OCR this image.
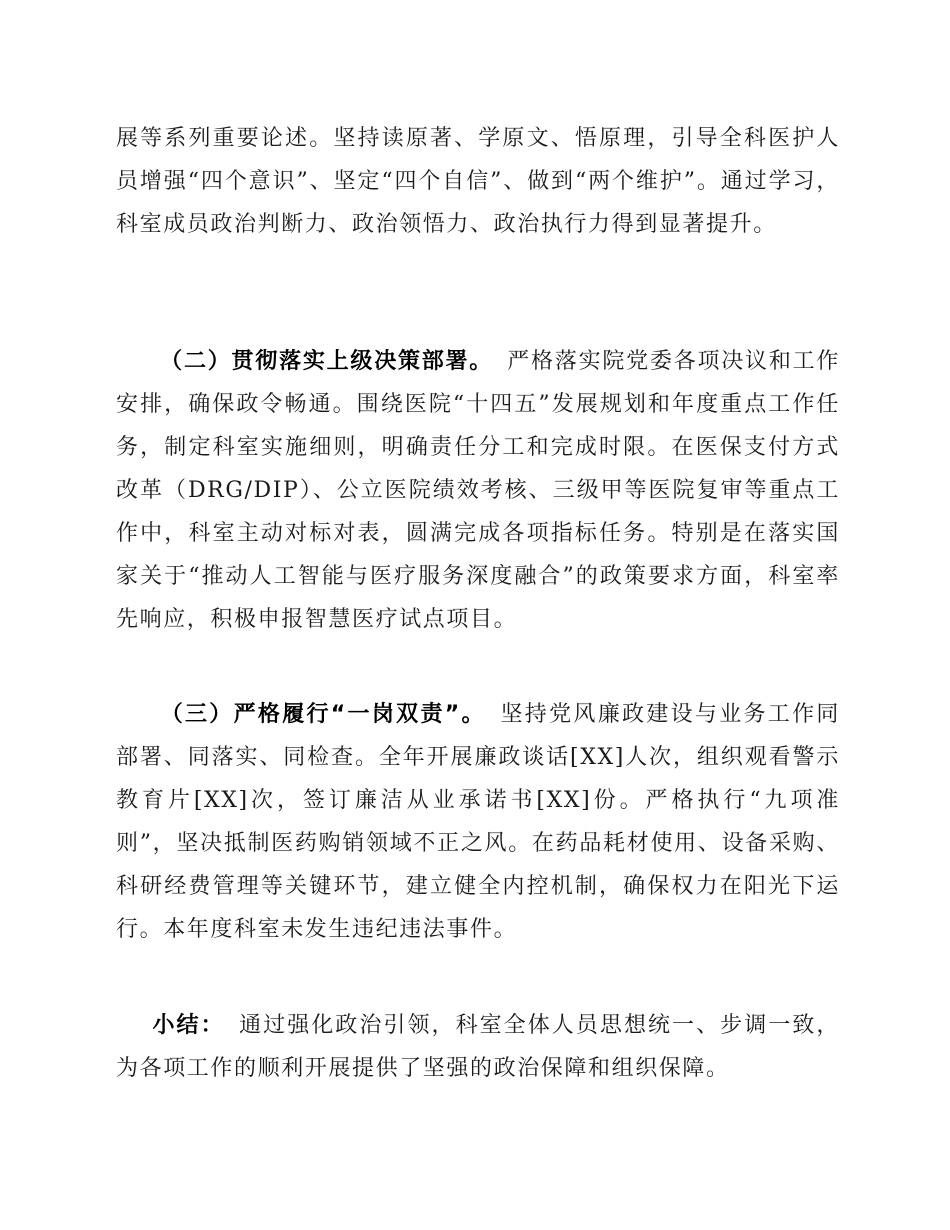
展等系列重要论述。坚持读原著、学原文、悟原理，引导全科医护人员增强“四个意识”、坚定“四个自信”、做到“两个维护”。通过学习，科室成员政治判断力、政治领悟力、政治执行力得到显著提升。

（二）贯彻落实上级决策部署。 严格落实院党委各项决议和工作安排，确保政令畅通。围绕医院“十四五”发展规划和年度重点工作任务，制定科室实施细则，明确责任分工和完成时限。在医保支付方式改革（DRG/DIP）、公立医院绩效考核、三级甲等医院复审等重点工作中，科室主动对标对表，圆满完成各项指标任务。特别是在落实国家关于“推动人工智能与医疗服务深度融合”的政策要求方面，科室率先响应，积极申报智慧医疗试点项目。

（三）严格履行“一岗双责”。 坚持党风廉政建设与业务工作同部署、同落实、同检查。全年开展廉政谈话[XX]人次，组织观看警示教育片[XX]次，签订廉洁从业承诺书[XX]份。严格执行“九项准则”，坚决抵制医药购销领域不正之风。在药品耗材使用、设备采购、科研经费管理等关键环节，建立健全内控机制，确保权力在阳光下运行。本年度科室未发生违纪违法事件。

小结： 通过强化政治引领，科室全体人员思想统一、步调一致，为各项工作的顺利开展提供了坚强的政治保障和组织保障。
